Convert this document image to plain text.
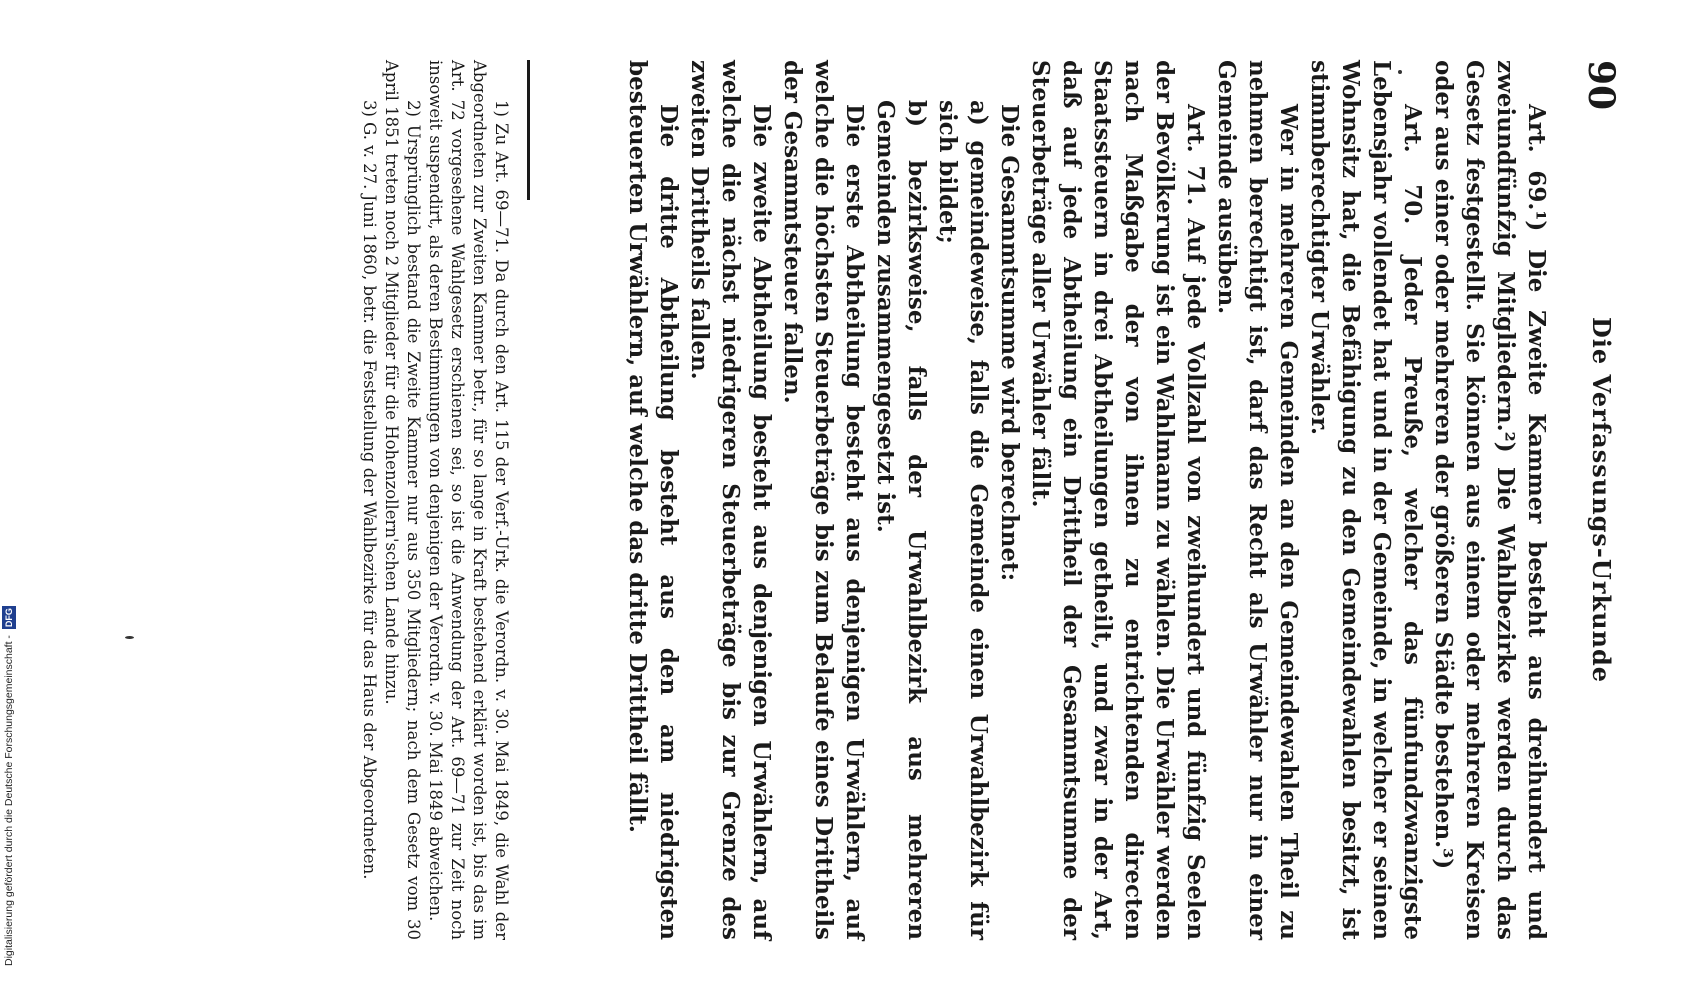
Digitalisierung gefördert durch die Deutsche Forschungsgemeinschaft - DFG
90
Die Verfassungs-Urkunde

Art. 69.¹) Die Zweite Kammer besteht aus dreihundert und zweiundfünfzig Mitgliedern.²) Die Wahlbezirke werden durch das Gesetz festgestellt. Sie können aus einem oder mehreren Kreisen oder aus einer oder mehreren der größeren Städte bestehen.³)

Art. 70. Jeder Preuße, welcher das fünfundzwanzigste Lebensjahr vollendet hat und in der Gemeinde, in welcher er seinen Wohnsitz hat, die Befähigung zu den Gemeindewahlen besitzt, ist stimmberechtigter Urwähler.

Wer in mehreren Gemeinden an den Gemeindewahlen Theil zu nehmen berechtigt ist, darf das Recht als Urwähler nur in einer Gemeinde ausüben.

Art. 71. Auf jede Vollzahl von zweihundert und fünfzig Seelen der Bevölkerung ist ein Wahlmann zu wählen. Die Urwähler werden nach Maßgabe der von ihnen zu entrichtenden directen Staatssteuern in drei Abtheilungen getheilt, und zwar in der Art, daß auf jede Abtheilung ein Drittheil der Gesammtsumme der Steuerbeträge aller Urwähler fällt.

Die Gesammtsumme wird berechnet:

a) gemeindeweise, falls die Gemeinde einen Urwahlbezirk für sich bildet;

b) bezirksweise, falls der Urwahlbezirk aus mehreren Gemeinden zusammengesetzt ist.

Die erste Abtheilung besteht aus denjenigen Urwählern, auf welche die höchsten Steuerbeträge bis zum Belaufe eines Drittheils der Gesammtsteuer fallen.

Die zweite Abtheilung besteht aus denjenigen Urwählern, auf welche die nächst niedrigeren Steuerbeträge bis zur Grenze des zweiten Drittheils fallen.

Die dritte Abtheilung besteht aus den am niedrigsten besteuerten Urwählern, auf welche das dritte Drittheil fällt.

1) Zu Art. 69—71. Da durch den Art. 115 der Verf.-Urk. die Verordn. v. 30. Mai 1849, die Wahl der Abgeordneten zur Zweiten Kammer betr., für so lange in Kraft bestehend erklärt worden ist, bis das im Art. 72 vorgesehene Wahlgesetz erschienen sei, so ist die Anwendung der Art. 69—71 zur Zeit noch insoweit suspendirt, als deren Bestimmungen von denjenigen der Verordn. v. 30. Mai 1849 abweichen.

2) Ursprünglich bestand die Zweite Kammer nur aus 350 Mitgliedern; nach dem Gesetz vom 30 April 1851 treten noch 2 Mitglieder für die Hohenzollern'schen Lande hinzu.

3) G. v. 27. Juni 1860, betr. die Feststellung der Wahlbezirke für das Haus der Abgeordneten.
